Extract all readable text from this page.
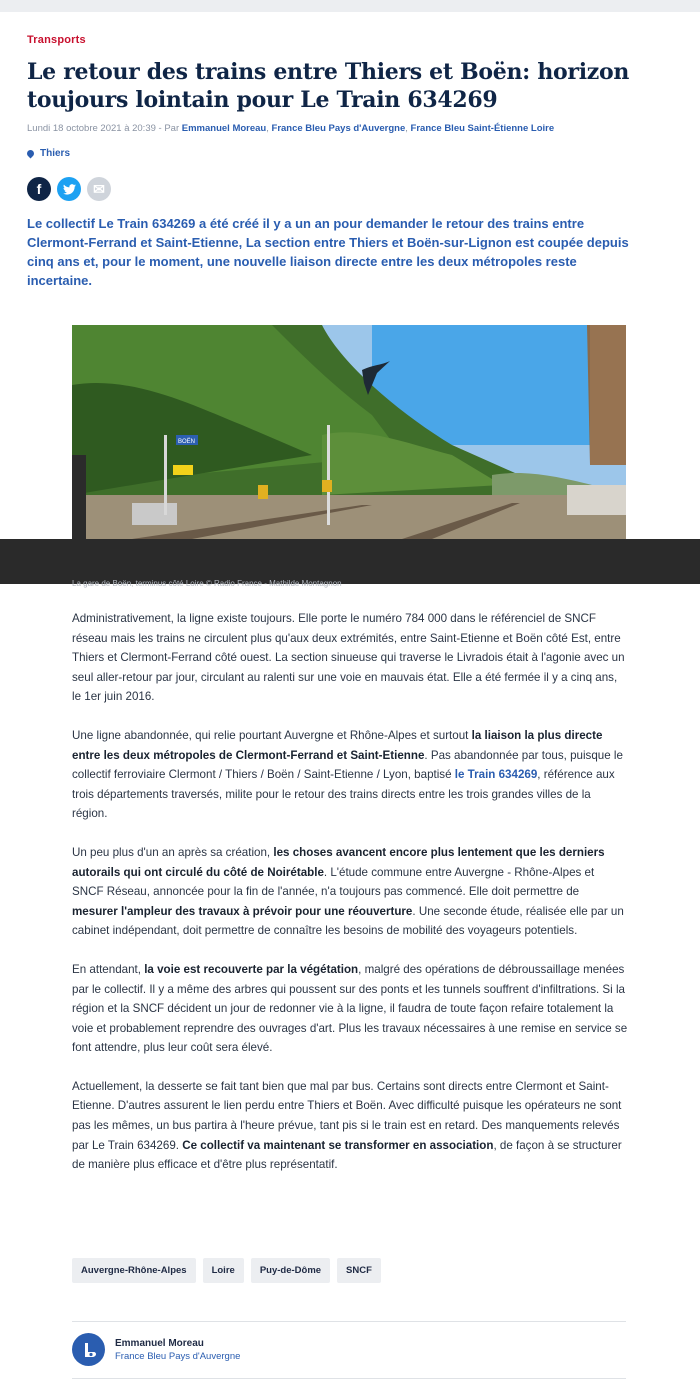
Transports
Le retour des trains entre Thiers et Boën: horizon toujours lointain pour Le Train 634269
Lundi 18 octobre 2021 à 20:39 - Par Emmanuel Moreau, France Bleu Pays d'Auvergne, France Bleu Saint-Étienne Loire
Thiers
f	✉
Le collectif Le Train 634269 a été créé il y a un an pour demander le retour des trains entre Clermont-Ferrand et Saint-Etienne, La section entre Thiers et Boën-sur-Lignon est coupée depuis cinq ans et, pour le moment, une nouvelle liaison directe entre les deux métropoles reste incertaine.
BOËN
La gare de Boën, terminus côté Loire © Radio France - Mathilde Montagnon

Administrativement, la ligne existe toujours. Elle porte le numéro 784 000 dans le référenciel de SNCF réseau mais les trains ne circulent plus qu'aux deux extrémités, entre Saint-Etienne et Boën côté Est, entre Thiers et Clermont-Ferrand côté ouest. La section sinueuse qui traverse le Livradois était à l'agonie avec un seul aller-retour par jour, circulant au ralenti sur une voie en mauvais état. Elle a été fermée il y a cinq ans, le 1er juin 2016.

Une ligne abandonnée, qui relie pourtant Auvergne et Rhône-Alpes et surtout la liaison la plus directe entre les deux métropoles de Clermont-Ferrand et Saint-Etienne. Pas abandonnée par tous, puisque le collectif ferroviaire Clermont / Thiers / Boën / Saint-Etienne / Lyon, baptisé le Train 634269, référence aux trois départements traversés, milite pour le retour des trains directs entre les trois grandes villes de la région.

Un peu plus d'un an après sa création, les choses avancent encore plus lentement que les derniers autorails qui ont circulé du côté de Noirétable. L'étude commune entre Auvergne - Rhône-Alpes et SNCF Réseau, annoncée pour la fin de l'année, n'a toujours pas commencé. Elle doit permettre de mesurer l'ampleur des travaux à prévoir pour une réouverture. Une seconde étude, réalisée elle par un cabinet indépendant, doit permettre de connaître les besoins de mobilité des voyageurs potentiels.

En attendant, la voie est recouverte par la végétation, malgré des opérations de débroussaillage menées par le collectif. Il y a même des arbres qui poussent sur des ponts et les tunnels souffrent d'infiltrations. Si la région et la SNCF décident un jour de redonner vie à la ligne, il faudra de toute façon refaire totalement la voie et probablement reprendre des ouvrages d'art. Plus les travaux nécessaires à une remise en service se font attendre, plus leur coût sera élevé.

Actuellement, la desserte se fait tant bien que mal par bus. Certains sont directs entre Clermont et Saint-Etienne. D'autres assurent le lien perdu entre Thiers et Boën. Avec difficulté puisque les opérateurs ne sont pas les mêmes, un bus partira à l'heure prévue, tant pis si le train est en retard. Des manquements relevés par Le Train 634269. Ce collectif va maintenant se transformer en association, de façon à se structurer de manière plus efficace et d'être plus représentatif.

Auvergne-Rhône-Alpes	Loire	Puy-de-Dôme	SNCF
Emmanuel Moreau
France Bleu Pays d'Auvergne
